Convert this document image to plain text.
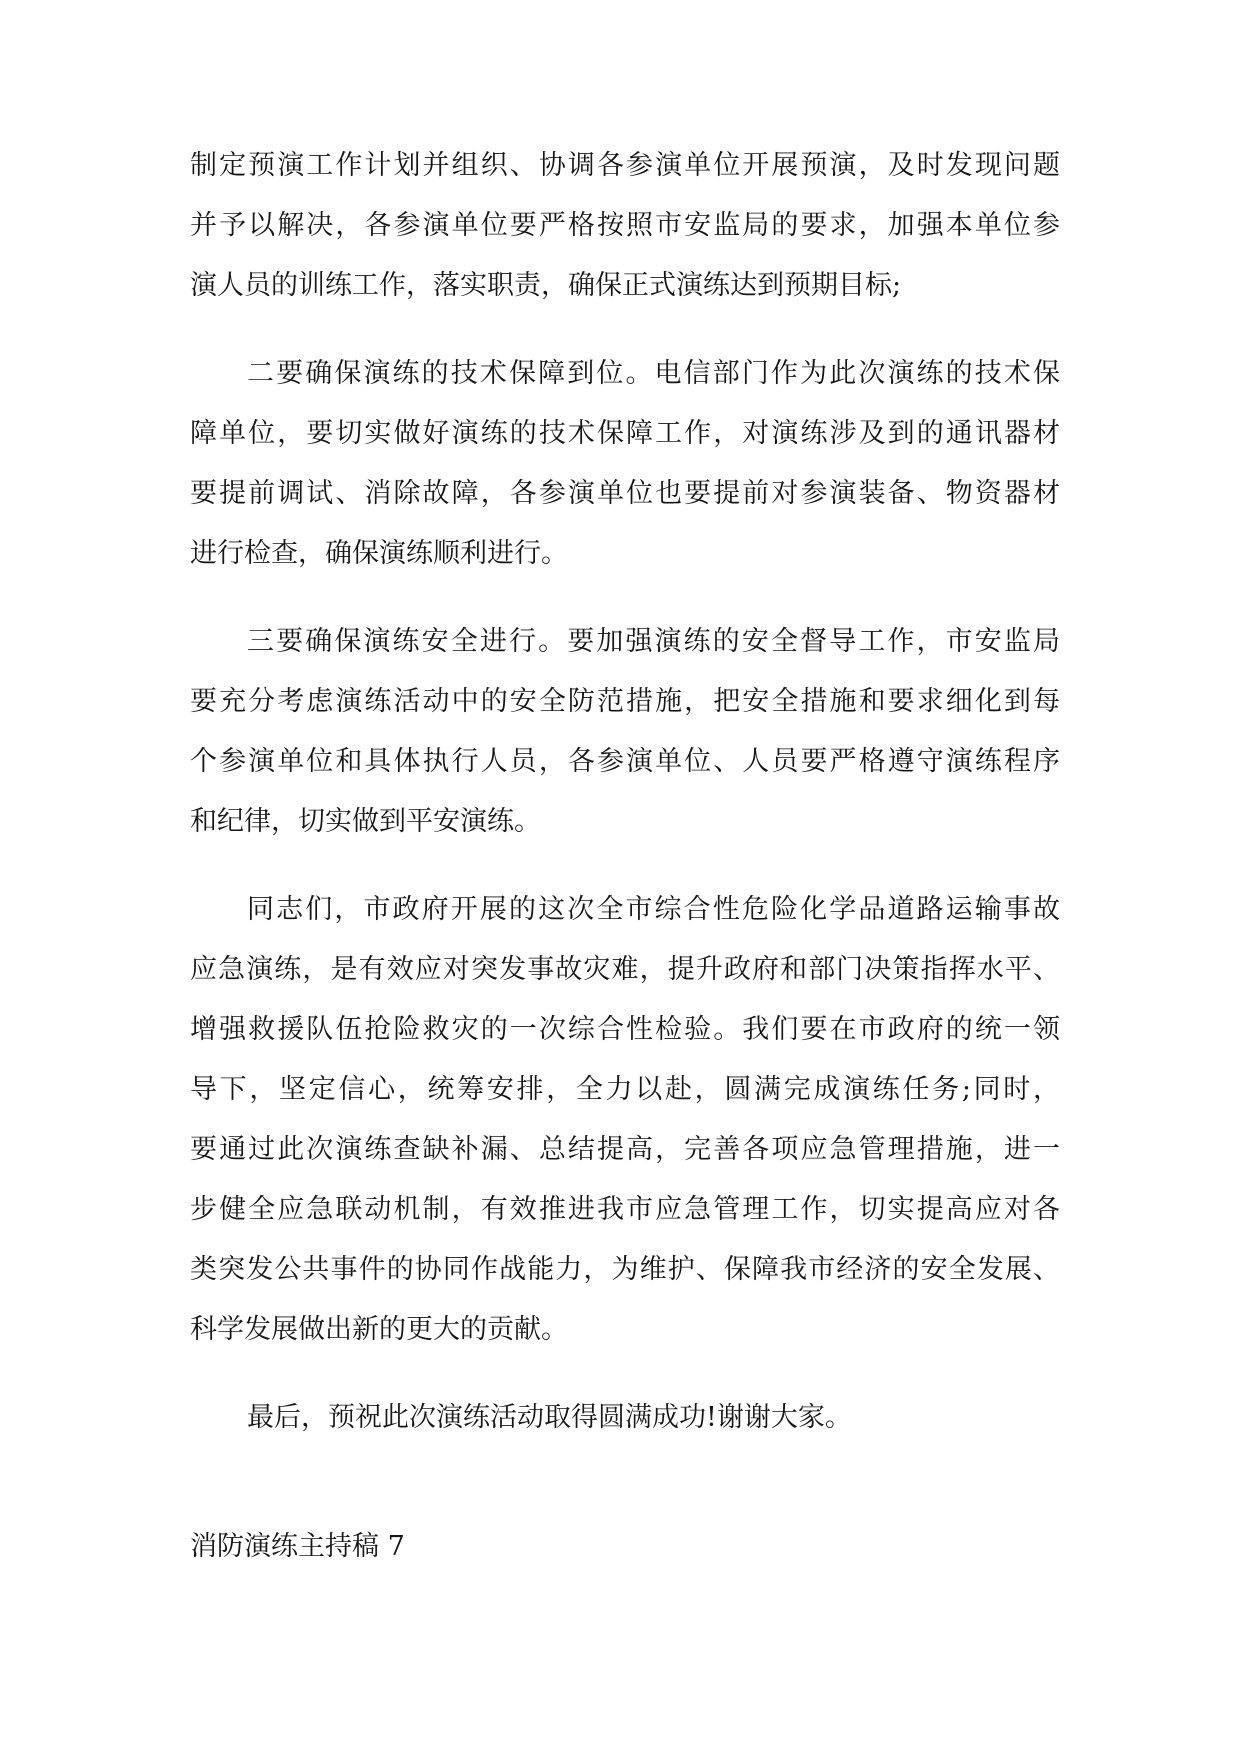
制定预演工作计划并组织、协调各参演单位开展预演，及时发现问题
并予以解决，各参演单位要严格按照市安监局的要求，加强本单位参
演人员的训练工作，落实职责，确保正式演练达到预期目标;
二要确保演练的技术保障到位。电信部门作为此次演练的技术保
障单位，要切实做好演练的技术保障工作，对演练涉及到的通讯器材
要提前调试、消除故障，各参演单位也要提前对参演装备、物资器材
进行检查，确保演练顺利进行。
三要确保演练安全进行。要加强演练的安全督导工作，市安监局
要充分考虑演练活动中的安全防范措施，把安全措施和要求细化到每
个参演单位和具体执行人员，各参演单位、人员要严格遵守演练程序
和纪律，切实做到平安演练。
同志们，市政府开展的这次全市综合性危险化学品道路运输事故
应急演练，是有效应对突发事故灾难，提升政府和部门决策指挥水平、
增强救援队伍抢险救灾的一次综合性检验。我们要在市政府的统一领
导下，坚定信心，统筹安排，全力以赴，圆满完成演练任务;同时，
要通过此次演练查缺补漏、总结提高，完善各项应急管理措施，进一
步健全应急联动机制，有效推进我市应急管理工作，切实提高应对各
类突发公共事件的协同作战能力，为维护、保障我市经济的安全发展、
科学发展做出新的更大的贡献。
最后，预祝此次演练活动取得圆满成功!谢谢大家。
消防演练主持稿 7
